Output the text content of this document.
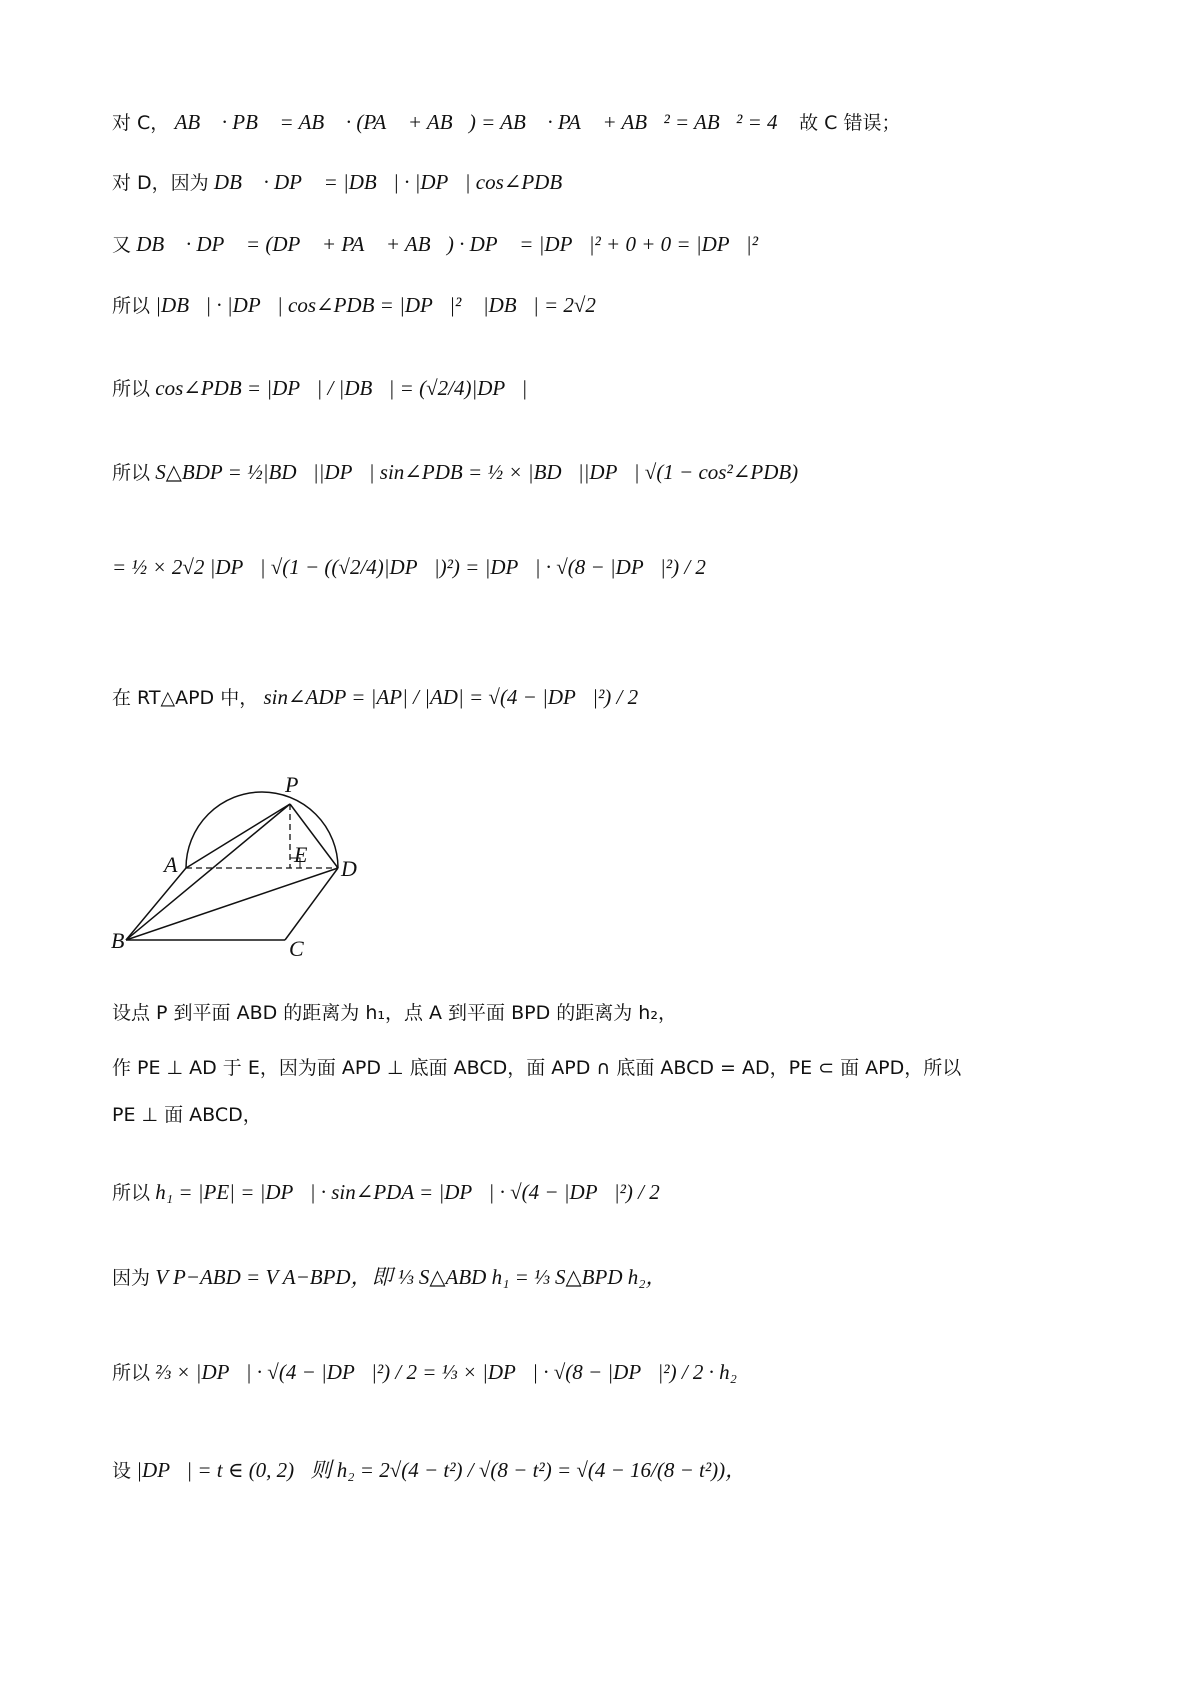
对 C， AB⃗ · PB⃗ = AB⃗ · (PA⃗ + AB⃗) = AB⃗ · PA⃗ + AB⃗² = AB⃗² = 4， 故 C 错误；
对 D，因为 DB⃗ · DP⃗ = |DB⃗| · |DP⃗| cos∠PDB，
又 DB⃗ · DP⃗ = (DP⃗ + PA⃗ + AB⃗) · DP⃗ = |DP⃗|² + 0 + 0 = |DP⃗|²，
所以 |DB⃗| · |DP⃗| cos∠PDB = |DP⃗|²， |DB⃗| = 2√2 ，
所以 cos∠PDB = |DP⃗| / |DB⃗| = (√2/4)|DP⃗|，
所以 S△BDP = ½|BD⃗||DP⃗| sin∠PDB = ½ × |BD⃗||DP⃗| √(1 − cos²∠PDB)
= ½ × 2√2 |DP⃗| √(1 − ((√2/4)|DP⃗|)²) = |DP⃗| · √(8 − |DP⃗|²) / 2，
在 RT△APD 中， sin∠ADP = |AP| / |AD| = √(4 − |DP⃗|²) / 2，
P
A	E
D
B	C
设点 P 到平面 ABD 的距离为 h₁，点 A 到平面 BPD 的距离为 h₂，
作 PE ⊥ AD 于 E，因为面 APD ⊥ 底面 ABCD，面 APD ∩ 底面 ABCD = AD，PE ⊂ 面 APD，所以
PE ⊥ 面 ABCD，
所以 h₁ = |PE| = |DP⃗| · sin∠PDA = |DP⃗| · √(4 − |DP⃗|²) / 2，
因为 V P−ABD = V A−BPD，即 ⅓ S△ABD h₁ = ⅓ S△BPD h₂，
所以 ⅔ × |DP⃗| · √(4 − |DP⃗|²) / 2 = ⅓ × |DP⃗| · √(8 − |DP⃗|²) / 2 · h₂，
设 |DP⃗| = t ∈ (0, 2)，则 h₂ = 2√(4 − t²) / √(8 − t²) = √(4 − 16/(8 − t²))，
